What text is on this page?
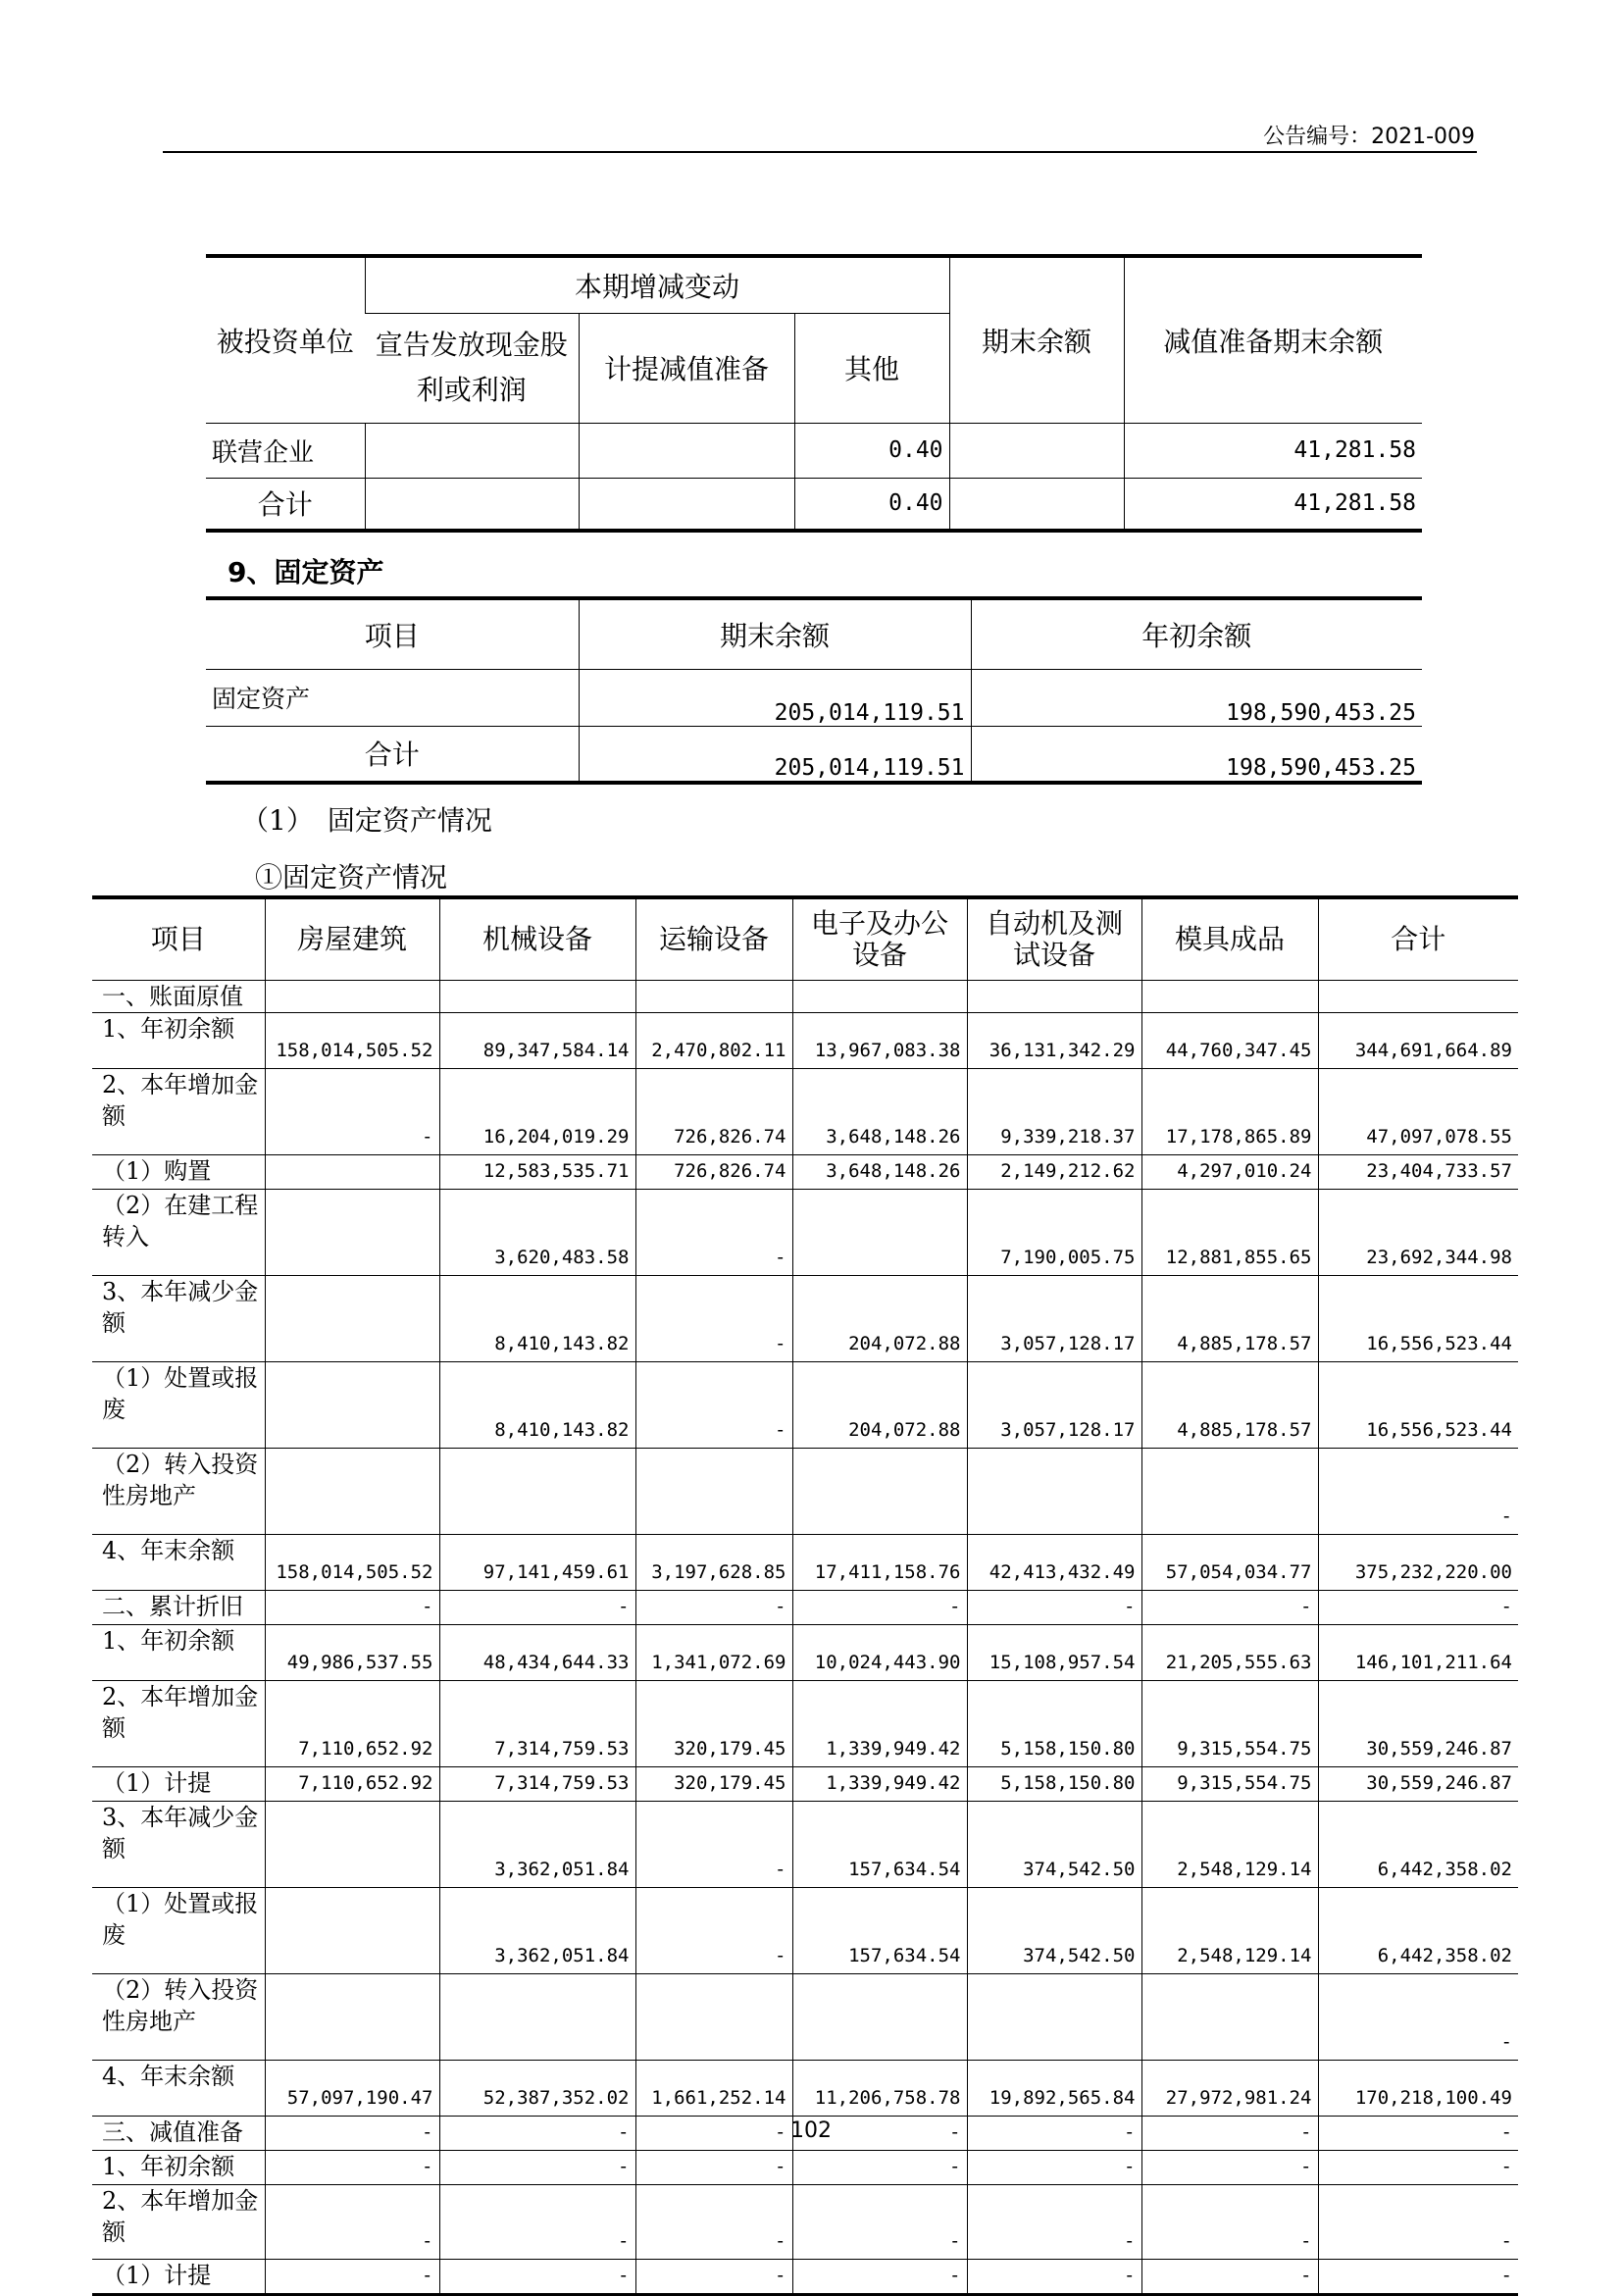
公告编号：2021-009
被投资单位	本期增减变动			期末余额	减值准备期末余额
	宣告发放现金股利或利润	计提减值准备	其他		
联营企业			0.40		41,281.58
合计			0.40		41,281.58
9、固定资产
项目	期末余额	年初余额
固定资产	205,014,119.51	198,590,453.25
合计	205,014,119.51	198,590,453.25
（1）　固定资产情况
①固定资产情况
项目	房屋建筑	机械设备	运输设备	电子及办公设备	自动机及测试设备	模具成品	合计
一、账面原值							
1、年初余额	158,014,505.52	89,347,584.14	2,470,802.11	13,967,083.38	36,131,342.29	44,760,347.45	344,691,664.89
2、本年增加金额	-	16,204,019.29	726,826.74	3,648,148.26	9,339,218.37	17,178,865.89	47,097,078.55
（1）购置		12,583,535.71	726,826.74	3,648,148.26	2,149,212.62	4,297,010.24	23,404,733.57
（2）在建工程转入		3,620,483.58	-		7,190,005.75	12,881,855.65	23,692,344.98
3、本年减少金额		8,410,143.82	-	204,072.88	3,057,128.17	4,885,178.57	16,556,523.44
（1）处置或报废		8,410,143.82	-	204,072.88	3,057,128.17	4,885,178.57	16,556,523.44
（2）转入投资性房地产							-
4、年末余额	158,014,505.52	97,141,459.61	3,197,628.85	17,411,158.76	42,413,432.49	57,054,034.77	375,232,220.00
二、累计折旧	-	-	-	-	-	-	-
1、年初余额	49,986,537.55	48,434,644.33	1,341,072.69	10,024,443.90	15,108,957.54	21,205,555.63	146,101,211.64
2、本年增加金额	7,110,652.92	7,314,759.53	320,179.45	1,339,949.42	5,158,150.80	9,315,554.75	30,559,246.87
（1）计提	7,110,652.92	7,314,759.53	320,179.45	1,339,949.42	5,158,150.80	9,315,554.75	30,559,246.87
3、本年减少金额		3,362,051.84	-	157,634.54	374,542.50	2,548,129.14	6,442,358.02
（1）处置或报废		3,362,051.84	-	157,634.54	374,542.50	2,548,129.14	6,442,358.02
（2）转入投资性房地产							-
4、年末余额	57,097,190.47	52,387,352.02	1,661,252.14	11,206,758.78	19,892,565.84	27,972,981.24	170,218,100.49
三、减值准备	-	-	-	-	-	-	-
1、年初余额	-	-	-	-	-	-	-
2、本年增加金额	-	-	-	-	-	-	-
（1）计提	-	-	-	-	-	-	-
102
